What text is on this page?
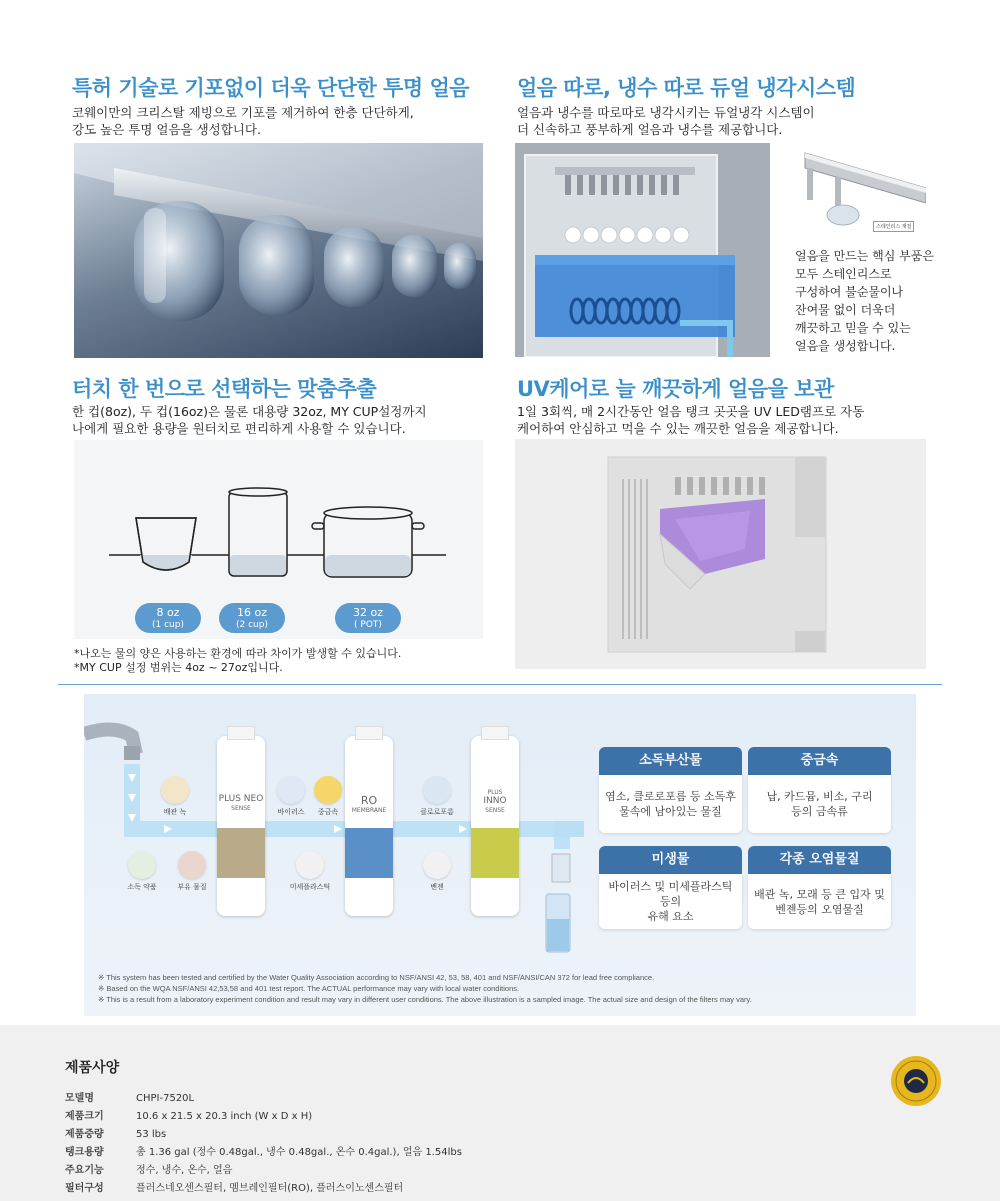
특허 기술로 기포없이 더욱 단단한 투명 얼음
코웨이만의 크리스탈 제빙으로 기포를 제거하여 한층 단단하게,
강도 높은 투명 얼음을 생성합니다.
얼음 따로, 냉수 따로 듀얼 냉각시스템
얼음과 냉수를 따로따로 냉각시키는 듀얼냉각 시스템이
더 신속하고 풍부하게 얼음과 냉수를 제공합니다.
스테인리스 재질
얼음을 만드는 핵심 부품은
모두 스테인리스로
구성하여 불순물이나
잔여물 없이 더욱더
깨끗하고 믿을 수 있는
얼음을 생성합니다.
터치 한 번으로 선택하는 맞춤추출
한 컵(8oz), 두 컵(16oz)은 물론 대용량 32oz, MY CUP설정까지
나에게 필요한 용량을 원터치로 편리하게 사용할 수 있습니다.
8 oz
(1 cup)
16 oz
(2 cup)
32 oz
( POT)
*나오는 물의 양은 사용하는 환경에 따라 차이가 발생할 수 있습니다.
*MY CUP 설정 범위는 4oz ~ 27oz입니다.
UV케어로 늘 깨끗하게 얼음을 보관
1일 3회씩, 매 2시간동안 얼음 탱크 곳곳을 UV LED램프로 자동
케어하여 안심하고 먹을 수 있는 깨끗한 얼음을 제공합니다.
PLUS NEO
SENSE
RO
MEMBRANE
PLUS
INNO
SENSE
배관 녹	바이러스	중금속	클로로포름
소독 약품	부유 물질	미세플라스틱	벤젠
소독부산물
염소, 클로로포름 등 소독후
물속에 남아있는 물질
중금속
납, 카드뮴, 비소, 구리
등의 금속류
미생물
바이러스 및 미세플라스틱 등의
유해 요소
각종 오염물질
배관 녹, 모래 등 큰 입자 및
벤젠등의 오염물질
※ This system has been tested and certified by the Water Quality Association according to NSF/ANSI 42, 53, 58, 401 and NSF/ANSI/CAN 372 for lead free compliance.
※ Based on the WQA NSF/ANSI 42,53,58 and 401 test report. The ACTUAL performance may vary with local water conditions.
※ This is a result from a laboratory experiment condition and result may vary in different user conditions. The above illustration is a sampled image. The actual size and design of the filters may vary.
제품사양
모델명	CHPI-7520L
제품크기	10.6 x 21.5 x 20.3 inch (W x D x H)
제품중량	53 lbs
탱크용량	총 1.36 gal (정수 0.48gal., 냉수 0.48gal., 온수 0.4gal.), 얼음 1.54lbs
주요기능	정수, 냉수, 온수, 얼음
필터구성	플러스네오센스필터, 멤브레인필터(RO), 플러스이노센스필터
